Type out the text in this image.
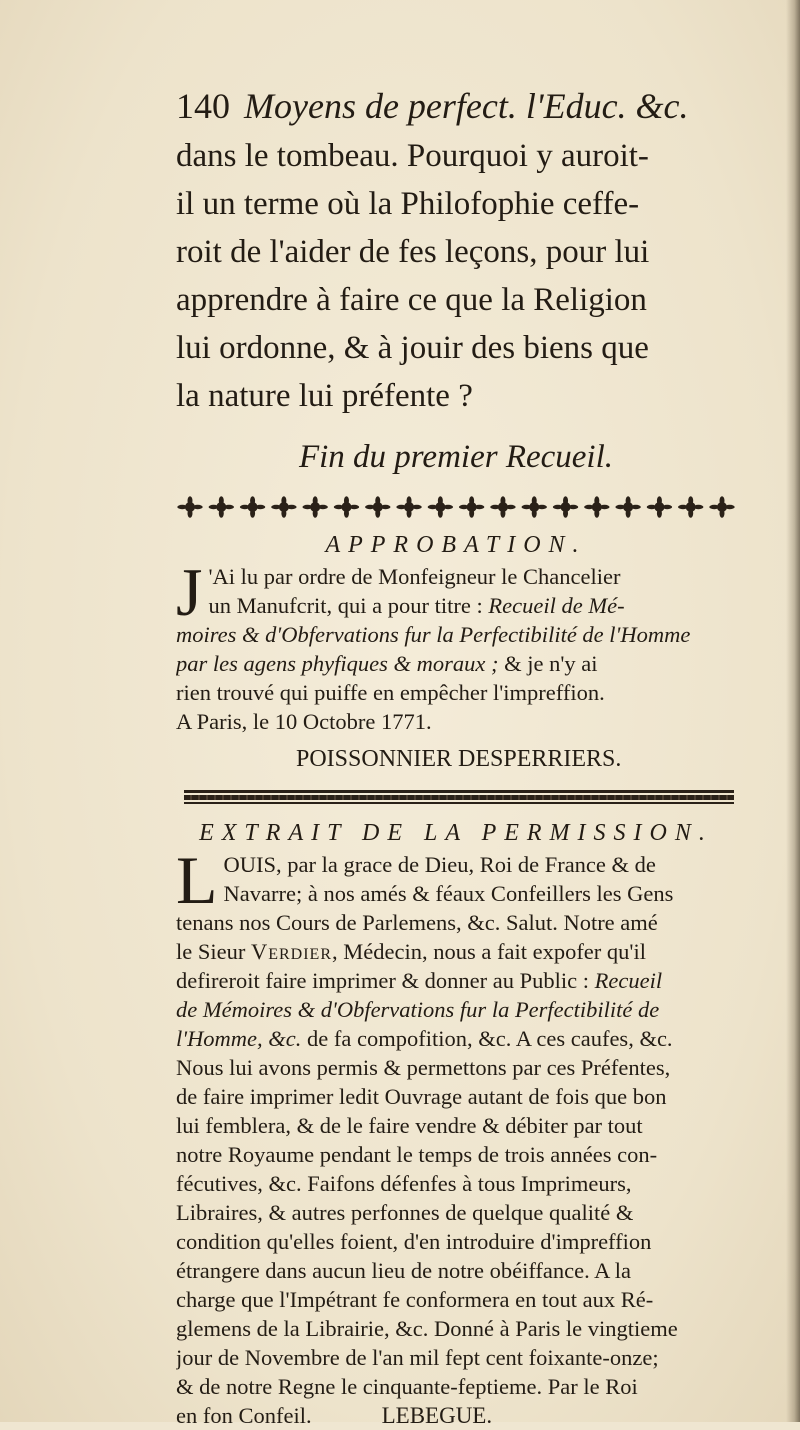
140 Moyens de perfect. l'Educ. &c.

dans le tombeau. Pourquoi y auroit-
il un terme où la Philofophie ceffe-
roit de l'aider de fes leçons, pour lui
apprendre à faire ce que la Religion
lui ordonne, & à jouir des biens que
la nature lui préfente ?

Fin du premier Recueil.
APPROBATION.
J 'Ai lu par ordre de Monfeigneur le Chancelier
un Manufcrit, qui a pour titre : Recueil de Mé-
moires & d'Obfervations fur la Perfectibilité de l'Homme
par les agens phyfiques & moraux ; & je n'y ai
rien trouvé qui puiffe en empêcher l'impreffion.
A Paris, le 10 Octobre 1771.
POISSONNIER DESPERRIERS.
EXTRAIT DE LA PERMISSION.
L OUIS, par la grace de Dieu, Roi de France & de
Navarre; à nos amés & féaux Confeillers les Gens
tenans nos Cours de Parlemens, &c. Salut. Notre amé
le Sieur Verdier, Médecin, nous a fait expofer qu'il
defireroit faire imprimer & donner au Public : Recueil
de Mémoires & d'Obfervations fur la Perfectibilité de
l'Homme, &c. de fa compofition, &c. A ces caufes, &c.
Nous lui avons permis & permettons par ces Préfentes,
de faire imprimer ledit Ouvrage autant de fois que bon
lui femblera, & de le faire vendre & débiter par tout
notre Royaume pendant le temps de trois années con-
fécutives, &c. Faifons défenfes à tous Imprimeurs,
Libraires, & autres perfonnes de quelque qualité &
condition qu'elles foient, d'en introduire d'impreffion
étrangere dans aucun lieu de notre obéiffance. A la
charge que l'Impétrant fe conformera en tout aux Ré-
glemens de la Librairie, &c. Donné à Paris le vingtieme
jour de Novembre de l'an mil fept cent foixante-onze;
& de notre Regne le cinquante-feptieme. Par le Roi
en fon Confeil.	LEBEGUE.
